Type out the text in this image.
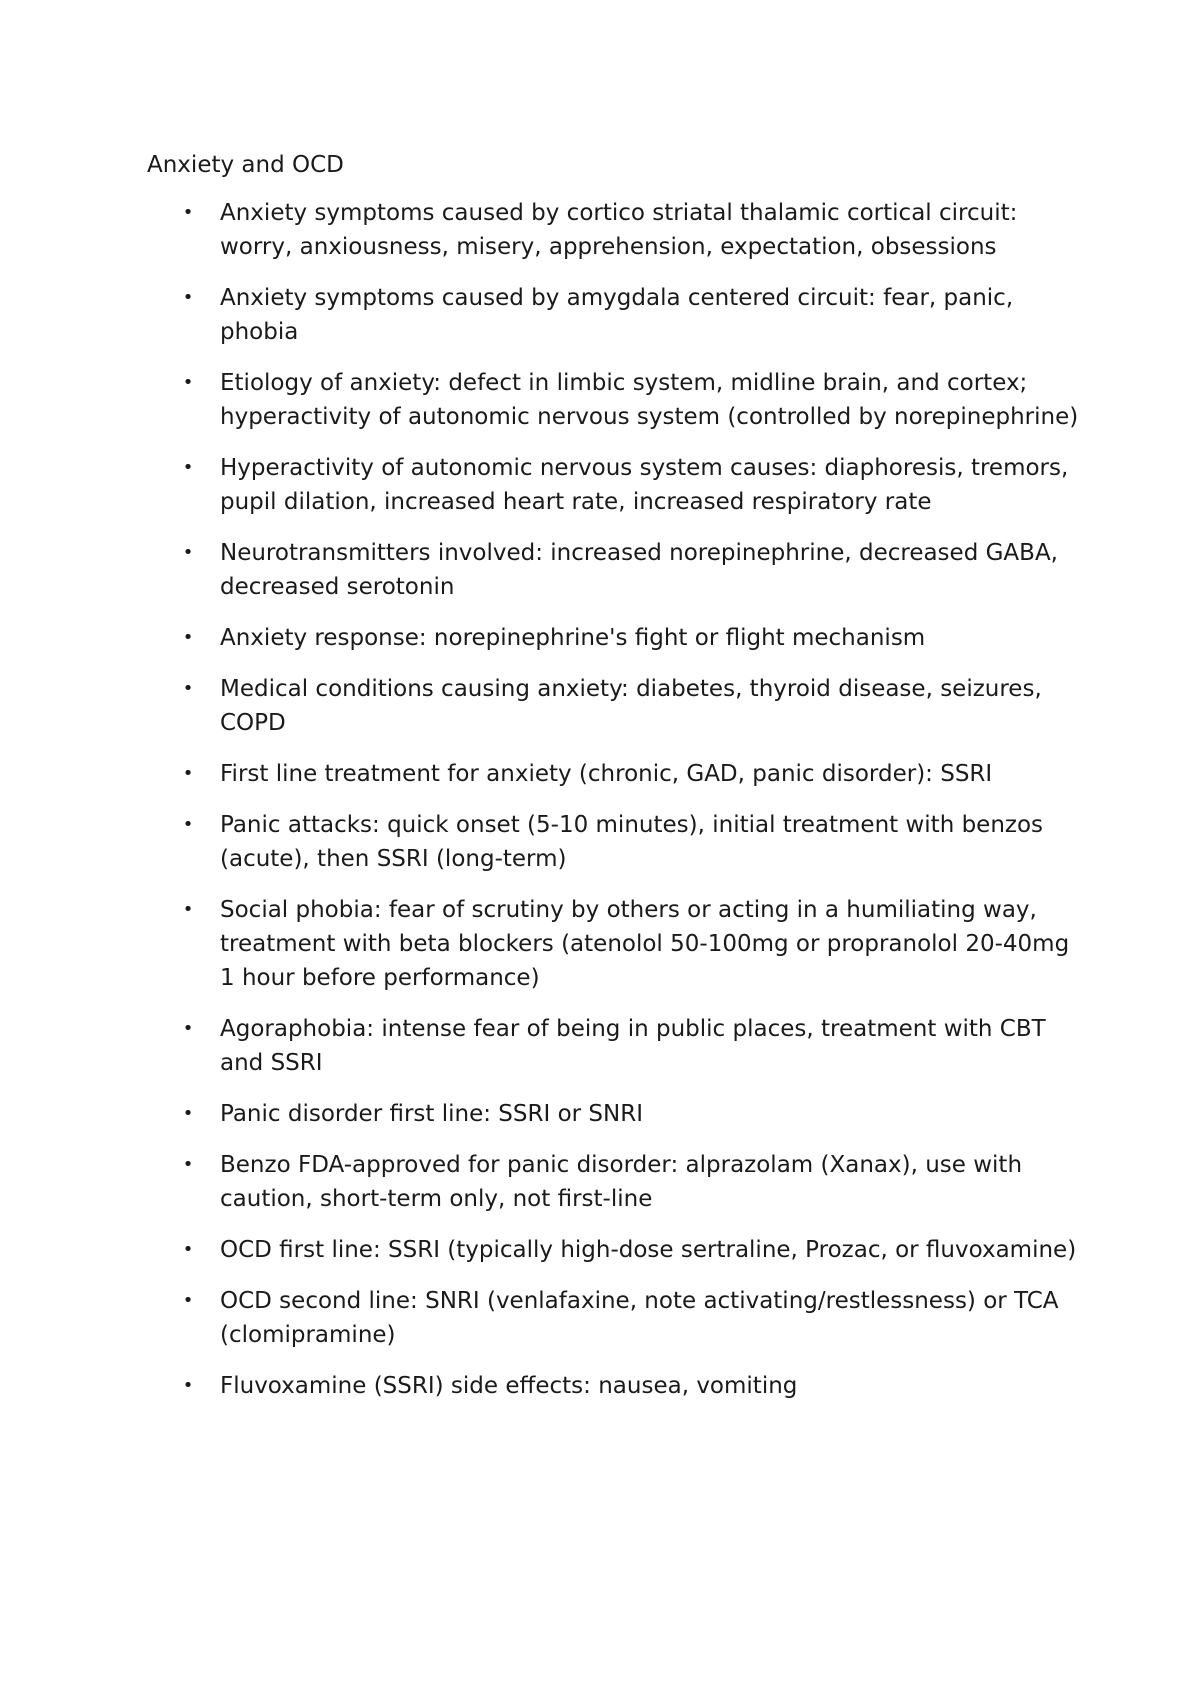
Anxiety and OCD
• Anxiety symptoms caused by cortico striatal thalamic cortical circuit: worry, anxiousness, misery, apprehension, expectation, obsessions
• Anxiety symptoms caused by amygdala centered circuit: fear, panic, phobia
• Etiology of anxiety: defect in limbic system, midline brain, and cortex; hyperactivity of autonomic nervous system (controlled by norepinephrine)
• Hyperactivity of autonomic nervous system causes: diaphoresis, tremors, pupil dilation, increased heart rate, increased respiratory rate
• Neurotransmitters involved: increased norepinephrine, decreased GABA, decreased serotonin
• Anxiety response: norepinephrine's fight or flight mechanism
• Medical conditions causing anxiety: diabetes, thyroid disease, seizures, COPD
• First line treatment for anxiety (chronic, GAD, panic disorder): SSRI
• Panic attacks: quick onset (5-10 minutes), initial treatment with benzos (acute), then SSRI (long-term)
• Social phobia: fear of scrutiny by others or acting in a humiliating way, treatment with beta blockers (atenolol 50-100mg or propranolol 20-40mg 1 hour before performance)
• Agoraphobia: intense fear of being in public places, treatment with CBT and SSRI
• Panic disorder first line: SSRI or SNRI
• Benzo FDA-approved for panic disorder: alprazolam (Xanax), use with caution, short-term only, not first-line
• OCD first line: SSRI (typically high-dose sertraline, Prozac, or fluvoxamine)
• OCD second line: SNRI (venlafaxine, note activating/restlessness) or TCA (clomipramine)
• Fluvoxamine (SSRI) side effects: nausea, vomiting
